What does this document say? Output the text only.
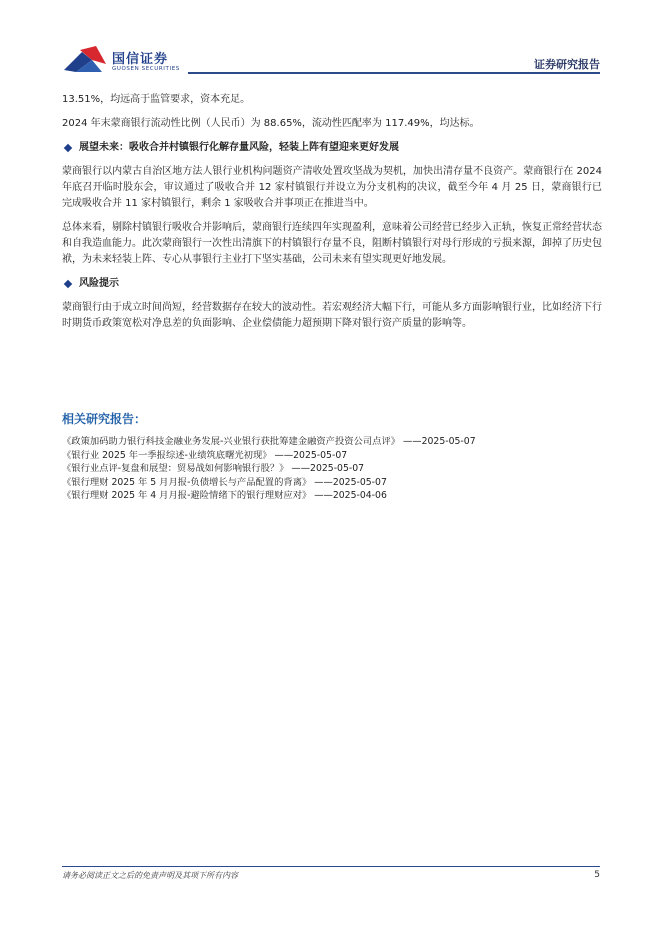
国信证券
GUOSEN SECURITIES	证券研究报告

13.51%，均远高于监管要求，资本充足。

2024 年末蒙商银行流动性比例（人民币）为 88.65%，流动性匹配率为 117.49%，均达标。

展望未来：吸收合并村镇银行化解存量风险，轻装上阵有望迎来更好发展

蒙商银行以内蒙古自治区地方法人银行业机构问题资产清收处置攻坚战为契机，加快出清存量不良资产。蒙商银行在 2024 年底召开临时股东会，审议通过了吸收合并 12 家村镇银行并设立为分支机构的决议，截至今年 4 月 25 日，蒙商银行已完成吸收合并 11 家村镇银行，剩余 1 家吸收合并事项正在推进当中。

总体来看，剔除村镇银行吸收合并影响后，蒙商银行连续四年实现盈利，意味着公司经营已经步入正轨，恢复正常经营状态和自我造血能力。此次蒙商银行一次性出清旗下的村镇银行存量不良，阻断村镇银行对母行形成的亏损来源，卸掉了历史包袱，为未来轻装上阵、专心从事银行主业打下坚实基础，公司未来有望实现更好地发展。

风险提示

蒙商银行由于成立时间尚短，经营数据存在较大的波动性。若宏观经济大幅下行，可能从多方面影响银行业，比如经济下行时期货币政策宽松对净息差的负面影响、企业偿债能力超预期下降对银行资产质量的影响等。

相关研究报告：
《政策加码助力银行科技金融业务发展-兴业银行获批筹建金融资产投资公司点评》 ——2025-05-07
《银行业 2025 年一季报综述-业绩筑底曙光初现》 ——2025-05-07
《银行业点评-复盘和展望：贸易战如何影响银行股？》 ——2025-05-07
《银行理财 2025 年 5 月月报-负债增长与产品配置的背离》 ——2025-05-07
《银行理财 2025 年 4 月月报-避险情绪下的银行理财应对》 ——2025-04-06
请务必阅读正文之后的免责声明及其项下所有内容	5
